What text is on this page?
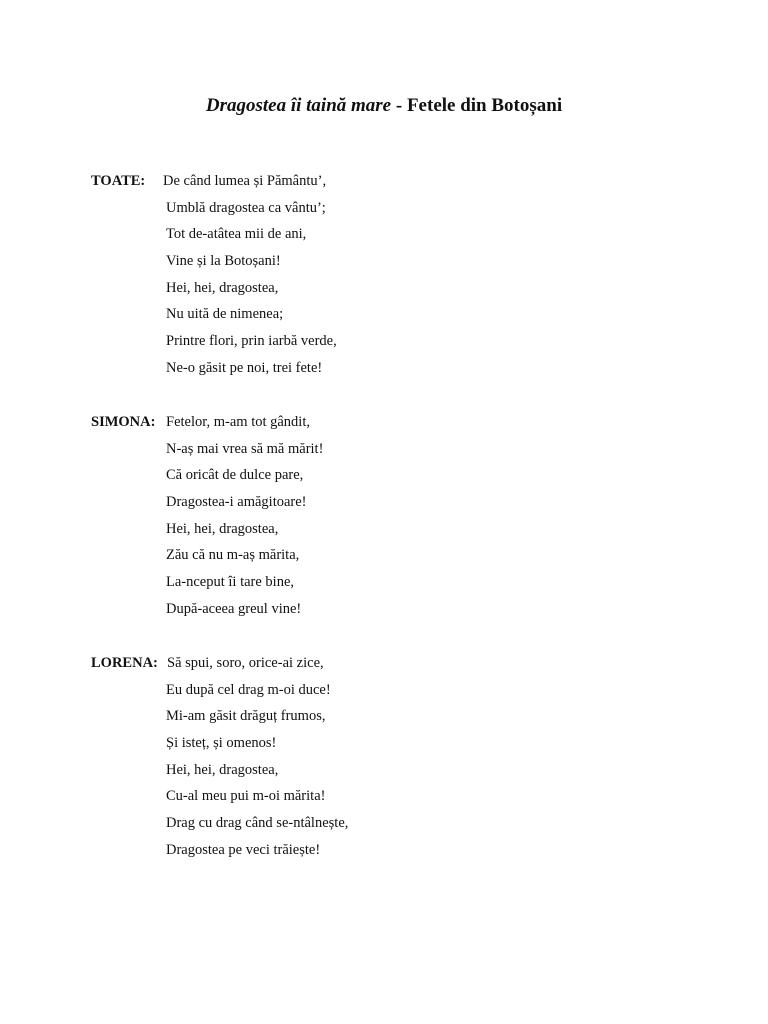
Dragostea îi taină mare - Fetele din Botoșani
TOATE: De când lumea și Pământu’,
Umblă dragostea ca vântu’;
Tot de-atâtea mii de ani,
Vine și la Botoșani!
Hei, hei, dragostea,
Nu uită de nimenea;
Printre flori, prin iarbă verde,
Ne-o găsit pe noi, trei fete!
SIMONA: Fetelor, m-am tot gândit,
N-aș mai vrea să mă mărit!
Că oricât de dulce pare,
Dragostea-i amăgitoare!
Hei, hei, dragostea,
Zău că nu m-aș mărita,
La-nceput îi tare bine,
După-aceea greul vine!
LORENA: Să spui, soro, orice-ai zice,
Eu după cel drag m-oi duce!
Mi-am găsit drăguț frumos,
Și isteț, și omenos!
Hei, hei, dragostea,
Cu-al meu pui m-oi mărita!
Drag cu drag când se-ntâlnește,
Dragostea pe veci trăiește!
